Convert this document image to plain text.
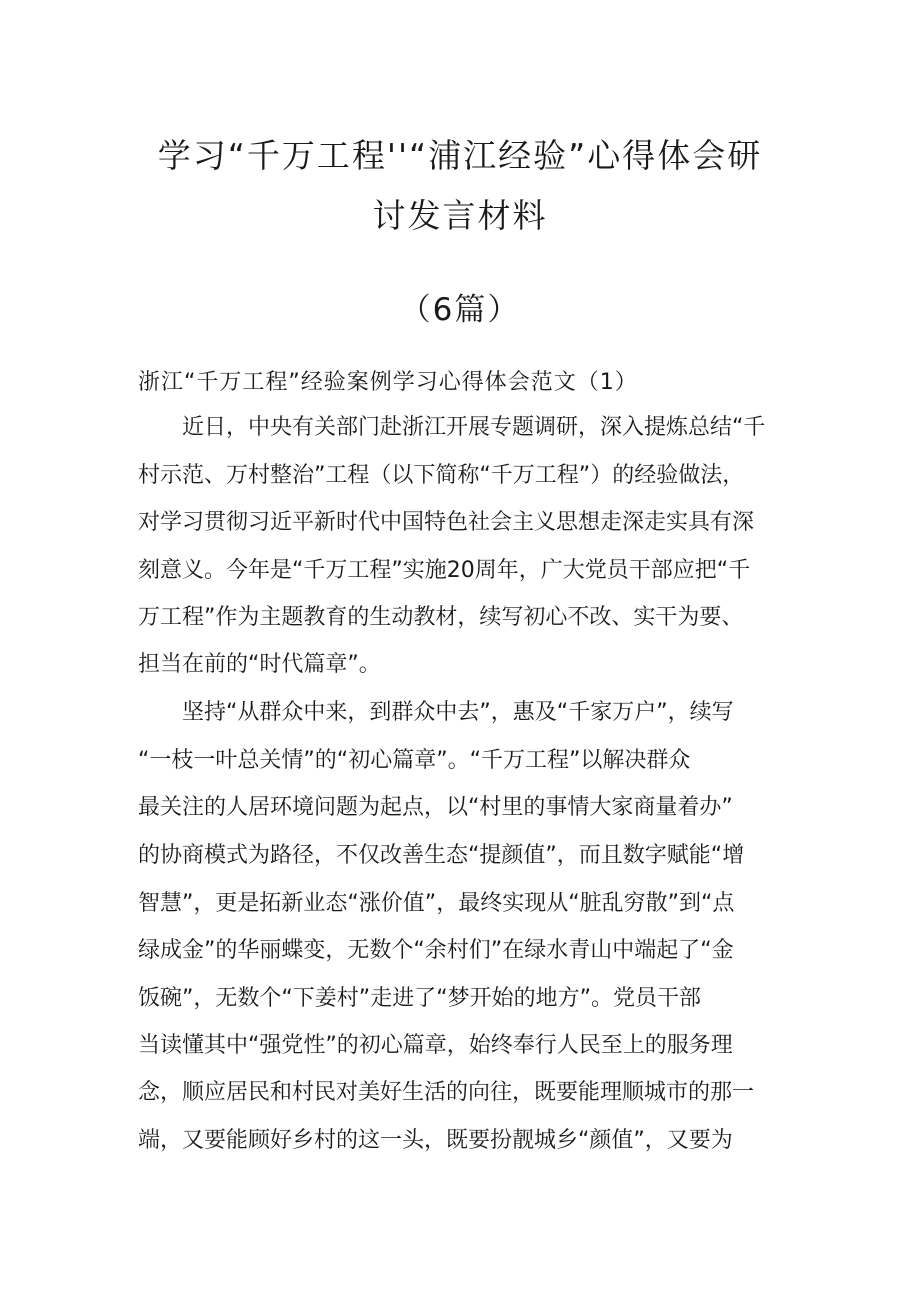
学习“千万工程''“浦江经验”心得体会研
讨发言材料

（6篇）

浙江“千万工程”经验案例学习心得体会范文（1）

近日，中央有关部门赴浙江开展专题调研，深入提炼总结“千

村示范、万村整治”工程（以下简称“千万工程”）的经验做法，

对学习贯彻习近平新时代中国特色社会主义思想走深走实具有深

刻意义。今年是“千万工程”实施20周年，广大党员干部应把“千

万工程”作为主题教育的生动教材，续写初心不改、实干为要、

担当在前的“时代篇章”。

坚持“从群众中来，到群众中去”，惠及“千家万户”，续写

“一枝一叶总关情”的“初心篇章”。“千万工程”以解决群众

最关注的人居环境问题为起点，以“村里的事情大家商量着办”

的协商模式为路径，不仅改善生态“提颜值”，而且数字赋能“增

智慧”，更是拓新业态“涨价值”，最终实现从“脏乱穷散”到“点

绿成金”的华丽蝶变，无数个“余村们”在绿水青山中端起了“金

饭碗”，无数个“下姜村”走进了“梦开始的地方”。党员干部

当读懂其中“强党性”的初心篇章，始终奉行人民至上的服务理

念，顺应居民和村民对美好生活的向往，既要能理顺城市的那一

端，又要能顾好乡村的这一头，既要扮靓城乡“颜值”，又要为
